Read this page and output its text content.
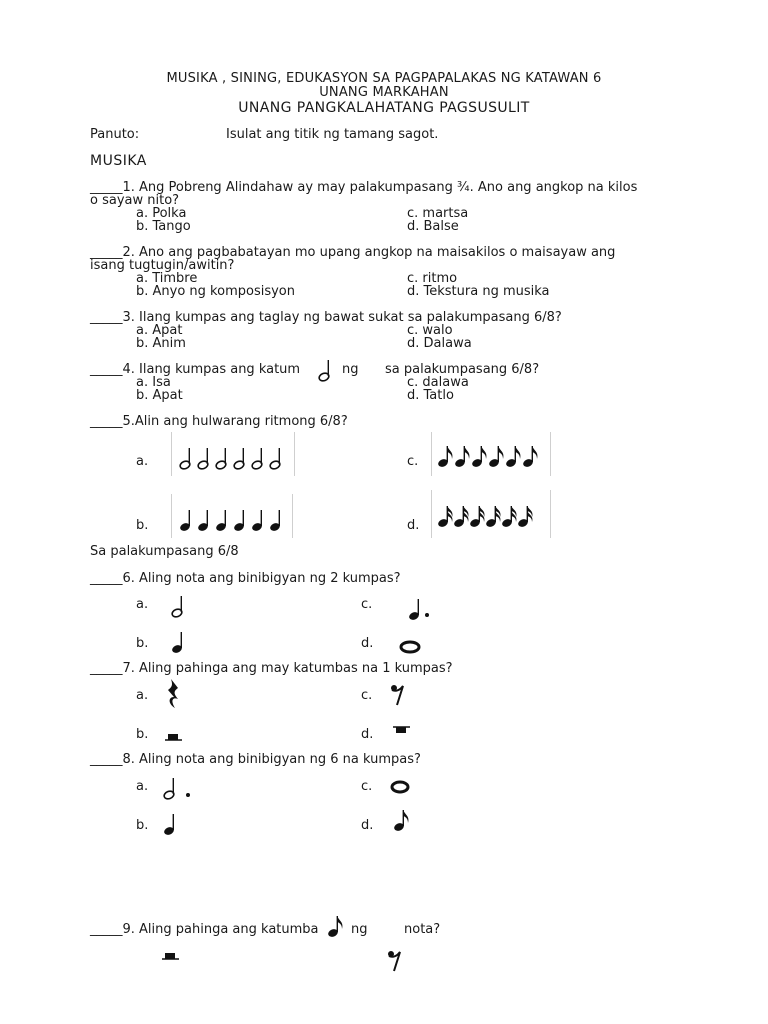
MUSIKA , SINING, EDUKASYON SA PAGPAPALAKAS NG KATAWAN 6
UNANG MARKAHAN
UNANG PANGKALAHATANG PAGSUSULIT
Panuto:	Isulat ang titik ng tamang sagot.
MUSIKA
_____1. Ang Pobreng Alindahaw ay may palakumpasang ¾. Ano ang angkop na kilos
o sayaw nito?
a. Polka
b. Tango
c. martsa
d. Balse
_____2. Ano ang pagbabatayan mo upang angkop na maisakilos o maisayaw ang
isang tugtugin/awitin?
a. Timbre
b. Anyo ng komposisyon
c. ritmo
d. Tekstura ng musika
_____3. Ilang kumpas ang taglay ng bawat sukat sa palakumpasang 6/8?
a. Apat
b. Anim
c. walo
d. Dalawa
_____4. Ilang kumpas ang katum	ng sa palakumpasang 6/8?
a. Isa
b. Apat
c. dalawa
d. Tatlo
_____5.Alin ang hulwarang ritmong 6/8?
a.	c.
b.	d.
Sa palakumpasang 6/8
_____6. Aling nota ang binibigyan ng 2 kumpas?
a.	c.
b.	d.
_____7. Aling pahinga ang may katumbas na 1 kumpas?
a.	c.
b.	d.
_____8. Aling nota ang binibigyan ng 6 na kumpas?
a.	c.
b.	d.
_____9. Aling pahinga ang katumba ng	nota?
